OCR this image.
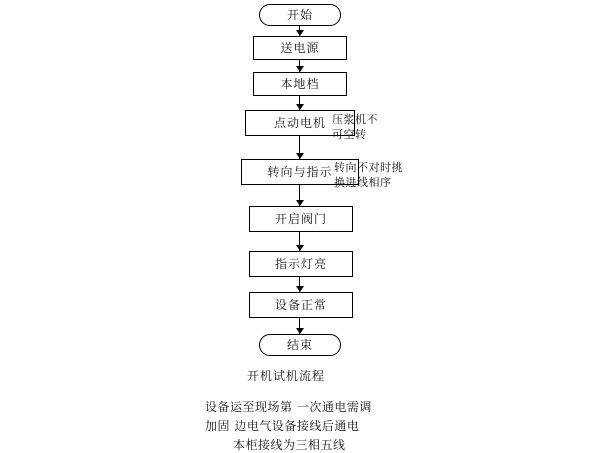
开始
送电源
本地档
点动电机
转向与指示
开启阀门
指示灯亮
设备正常
结束
压浆机不
可空转
转向不对时挑
换进线相序
开机试机流程
设备运至现场第 一次通电需调
加固 边电气设备接线后通电
本柜接线为三相五线
